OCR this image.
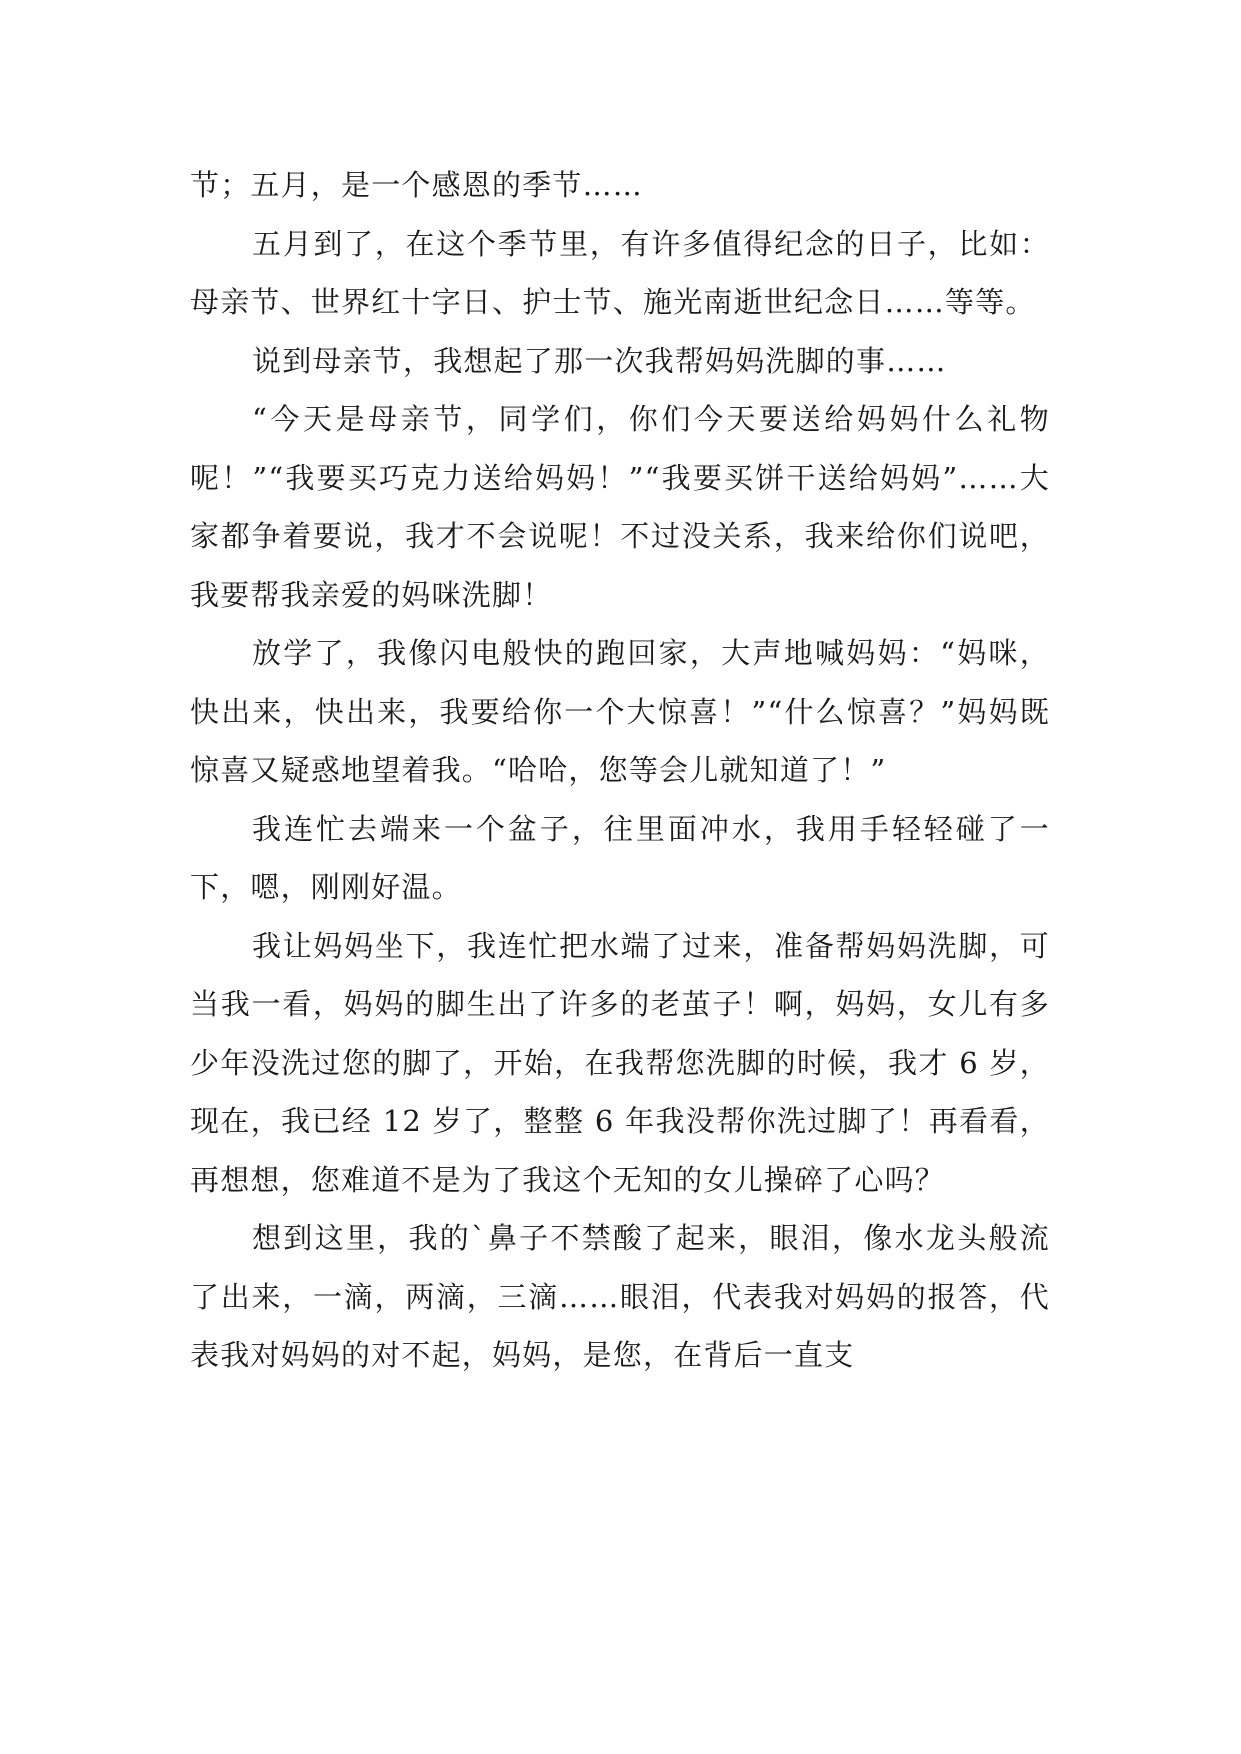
节；五月，是一个感恩的季节……

五月到了，在这个季节里，有许多值得纪念的日子，比如：母亲节、世界红十字日、护士节、施光南逝世纪念日……等等。

说到母亲节，我想起了那一次我帮妈妈洗脚的事……

“今天是母亲节，同学们，你们今天要送给妈妈什么礼物呢！”“我要买巧克力送给妈妈！”“我要买饼干送给妈妈”……大家都争着要说，我才不会说呢！不过没关系，我来给你们说吧，我要帮我亲爱的妈咪洗脚！

放学了，我像闪电般快的跑回家，大声地喊妈妈：“妈咪，快出来，快出来，我要给你一个大惊喜！”“什么惊喜？”妈妈既惊喜又疑惑地望着我。“哈哈，您等会儿就知道了！”

我连忙去端来一个盆子，往里面冲水，我用手轻轻碰了一下，嗯，刚刚好温。

我让妈妈坐下，我连忙把水端了过来，准备帮妈妈洗脚，可当我一看，妈妈的脚生出了许多的老茧子！啊，妈妈，女儿有多少年没洗过您的脚了，开始，在我帮您洗脚的时候，我才 6 岁，现在，我已经 12 岁了，整整 6 年我没帮你洗过脚了！再看看，再想想，您难道不是为了我这个无知的女儿操碎了心吗？

想到这里，我的`鼻子不禁酸了起来，眼泪，像水龙头般流了出来，一滴，两滴，三滴……眼泪，代表我对妈妈的报答，代表我对妈妈的对不起，妈妈，是您，在背后一直支
